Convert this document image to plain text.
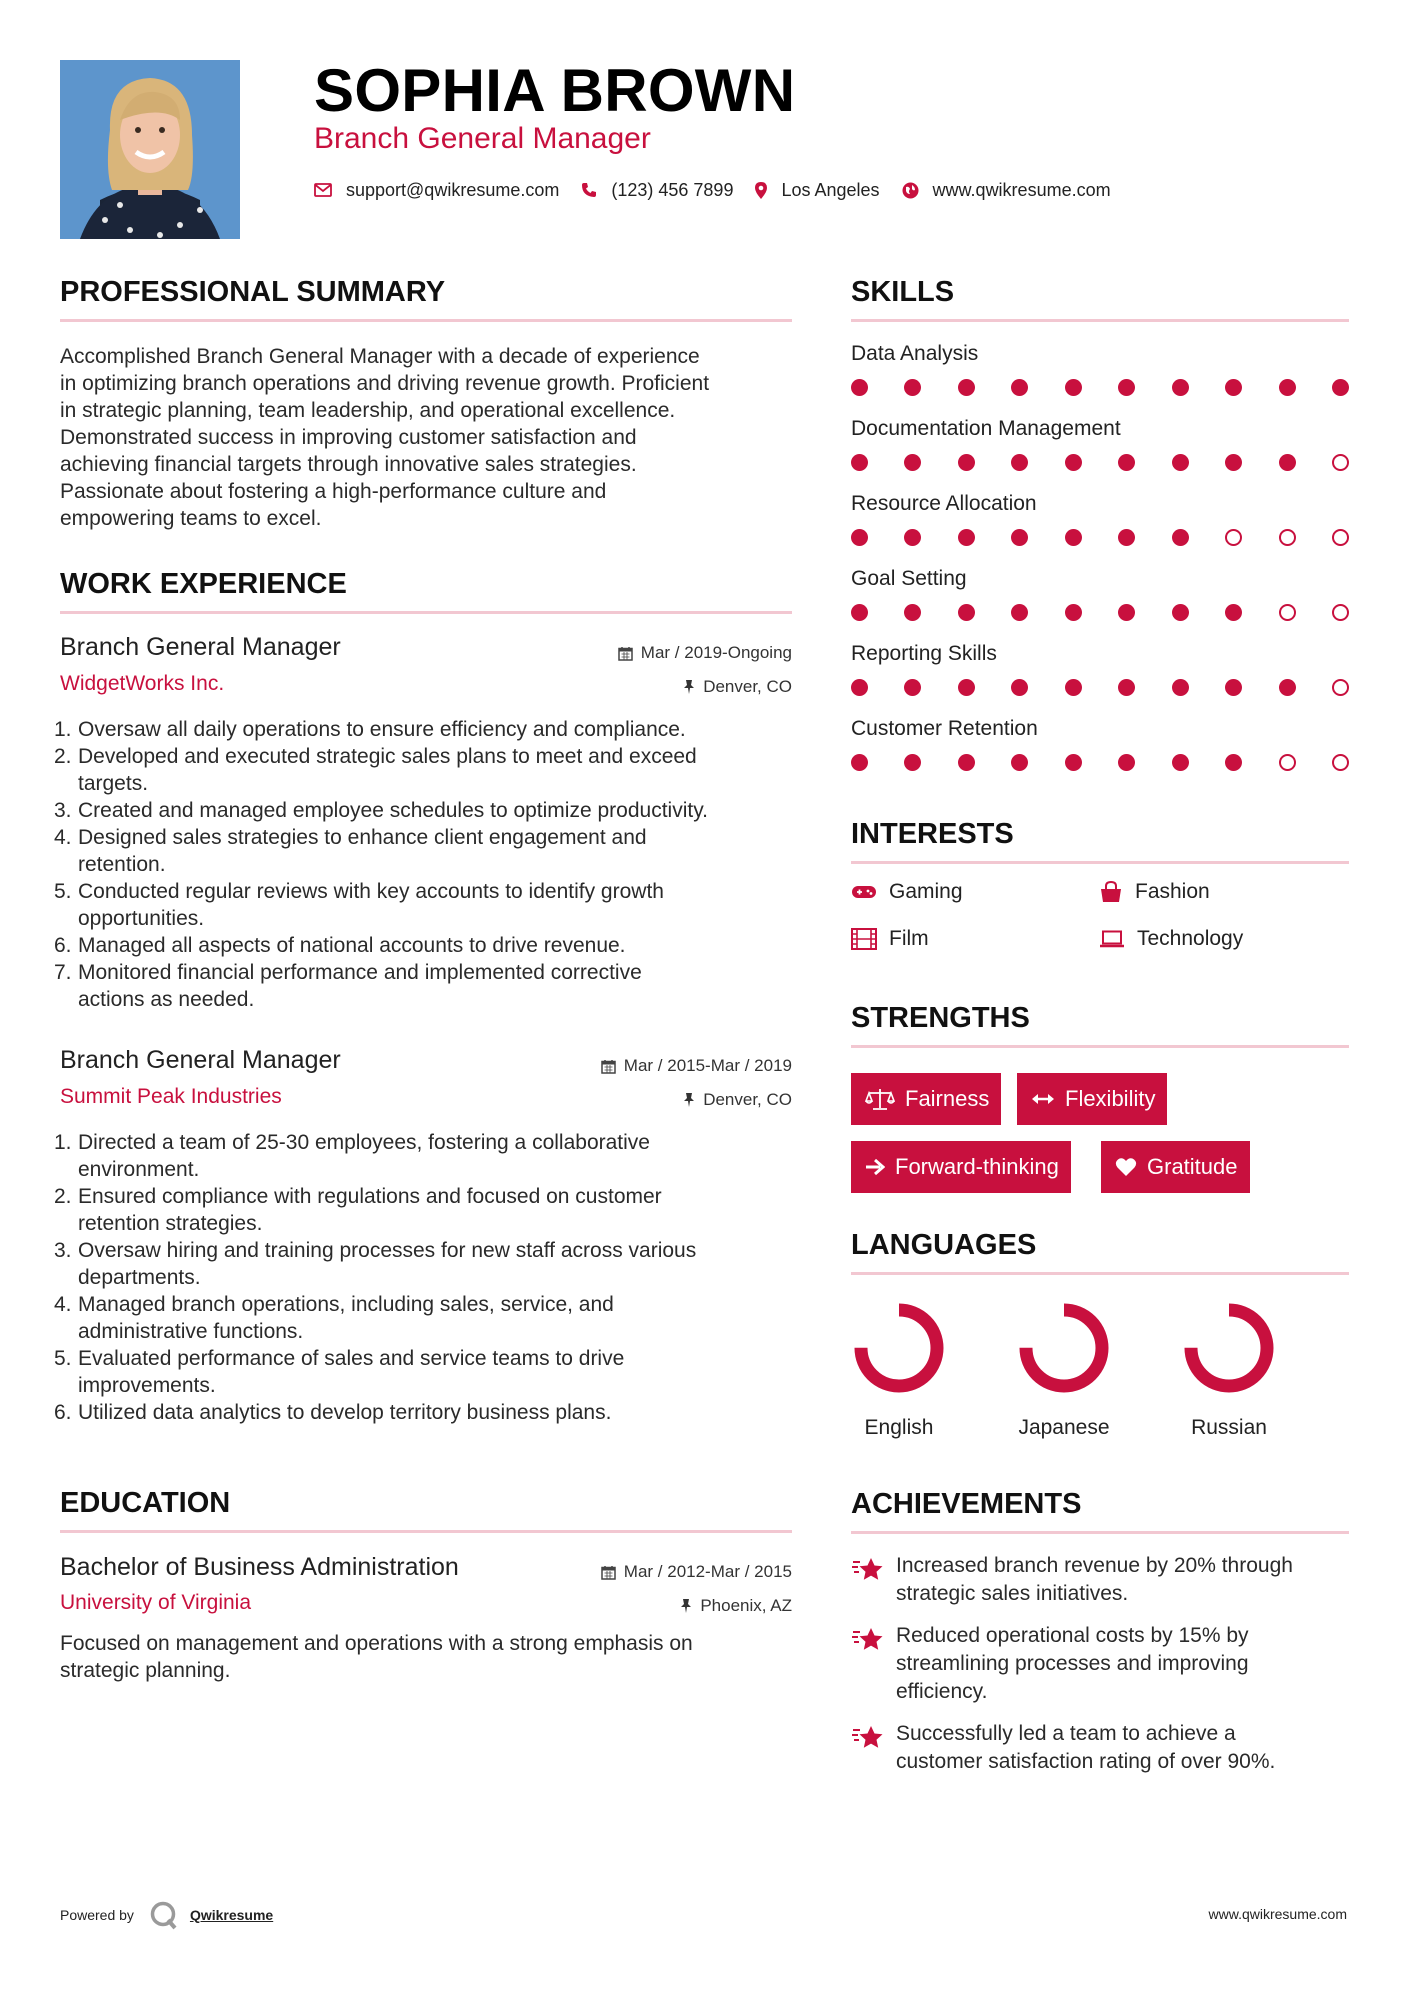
SOPHIA BROWN
Branch General Manager
support@qwikresume.com	(123) 456 7899	Los Angeles	www.qwikresume.com
PROFESSIONAL SUMMARY
Accomplished Branch General Manager with a decade of experience
in optimizing branch operations and driving revenue growth. Proficient
in strategic planning, team leadership, and operational excellence.
Demonstrated success in improving customer satisfaction and
achieving financial targets through innovative sales strategies.
Passionate about fostering a high-performance culture and
empowering teams to excel.
WORK EXPERIENCE
Branch General Manager	Mar / 2019-Ongoing
WidgetWorks Inc.	Denver, CO
1. Oversaw all daily operations to ensure efficiency and compliance.
2. Developed and executed strategic sales plans to meet and exceed
targets.
3. Created and managed employee schedules to optimize productivity.
4. Designed sales strategies to enhance client engagement and
retention.
5. Conducted regular reviews with key accounts to identify growth
opportunities.
6. Managed all aspects of national accounts to drive revenue.
7. Monitored financial performance and implemented corrective
actions as needed.
Branch General Manager	Mar / 2015-Mar / 2019
Summit Peak Industries	Denver, CO
1. Directed a team of 25-30 employees, fostering a collaborative
environment.
2. Ensured compliance with regulations and focused on customer
retention strategies.
3. Oversaw hiring and training processes for new staff across various
departments.
4. Managed branch operations, including sales, service, and
administrative functions.
5. Evaluated performance of sales and service teams to drive
improvements.
6. Utilized data analytics to develop territory business plans.
EDUCATION
Bachelor of Business Administration	Mar / 2012-Mar / 2015
University of Virginia	Phoenix, AZ
Focused on management and operations with a strong emphasis on
strategic planning.
SKILLS
Data Analysis
Documentation Management
Resource Allocation
Goal Setting
Reporting Skills
Customer Retention
INTERESTS
Gaming	Fashion
Film	Technology
STRENGTHS
Fairness	Flexibility
Forward-thinking	Gratitude
LANGUAGES
English	Japanese	Russian
ACHIEVEMENTS
Increased branch revenue by 20% through
strategic sales initiatives.
Reduced operational costs by 15% by
streamlining processes and improving
efficiency.
Successfully led a team to achieve a
customer satisfaction rating of over 90%.
Powered by	Qwikresume	www.qwikresume.com
